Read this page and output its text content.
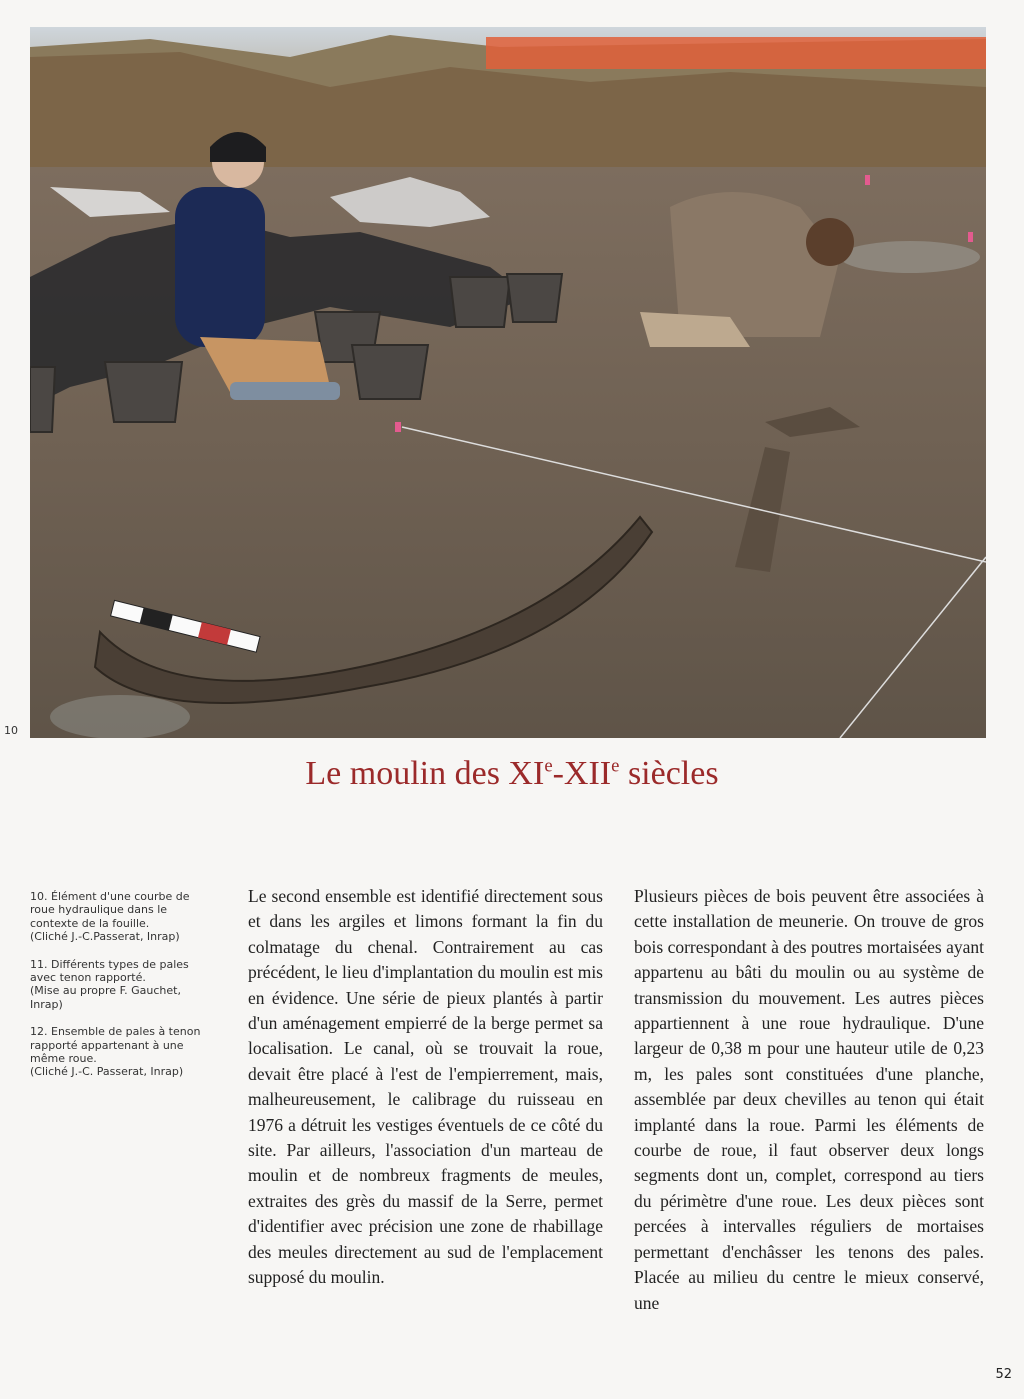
10
Le moulin des XIe-XIIe siècles

10. Élément d'une courbe de
roue hydraulique dans le
contexte de la fouille.
(Cliché J.-C.Passerat, Inrap)

11. Différents types de pales
avec tenon rapporté.
(Mise au propre F. Gauchet,
Inrap)

12. Ensemble de pales à tenon
rapporté appartenant à une
même roue.
(Cliché J.-C. Passerat, Inrap)

Le second ensemble est identifié directement sous et dans les argiles et limons formant la fin du colmatage du chenal. Contrairement au cas précédent, le lieu d'implantation du moulin est mis en évidence. Une série de pieux plantés à partir d'un aménagement empierré de la berge permet sa localisation. Le canal, où se trouvait la roue, devait être placé à l'est de l'empierrement, mais, malheureusement, le calibrage du ruisseau en 1976 a détruit les vestiges éventuels de ce côté du site. Par ailleurs, l'association d'un marteau de moulin et de nombreux fragments de meules, extraites des grès du massif de la Serre, permet d'identifier avec précision une zone de rhabillage des meules directement au sud de l'emplacement supposé du moulin.

Plusieurs pièces de bois peuvent être associées à cette installation de meunerie. On trouve de gros bois correspondant à des poutres mortaisées ayant appartenu au bâti du moulin ou au système de transmission du mouvement. Les autres pièces appartiennent à une roue hydraulique. D'une largeur de 0,38 m pour une hauteur utile de 0,23 m, les pales sont constituées d'une planche, assemblée par deux chevilles au tenon qui était implanté dans la roue. Parmi les éléments de courbe de roue, il faut observer deux longs segments dont un, complet, correspond au tiers du périmètre d'une roue. Les deux pièces sont percées à intervalles réguliers de mortaises permettant d'enchâsser les tenons des pales. Placée au milieu du centre le mieux conservé, une

52
